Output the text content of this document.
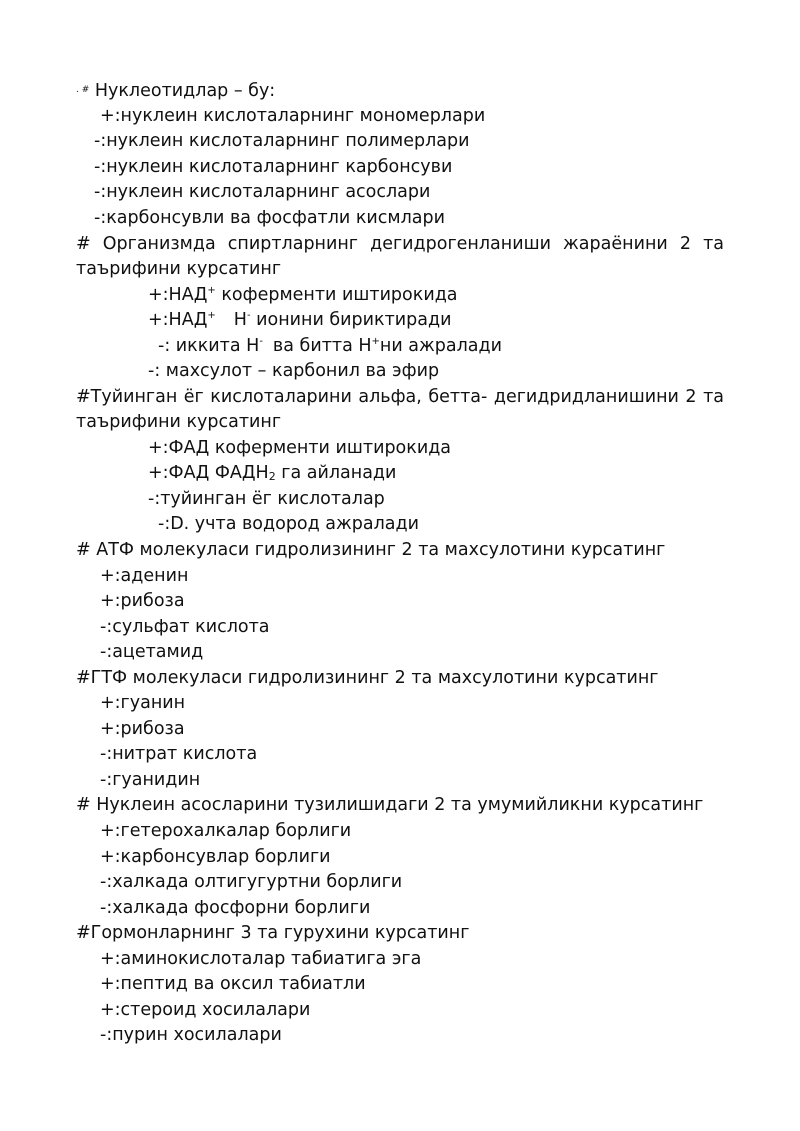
. # Нуклеотидлар – бу:
+:нуклеин кислоталарнинг мономерлари
-:нуклеин кислоталарнинг полимерлари
-:нуклеин кислоталарнинг карбонсуви
-:нуклеин кислоталарнинг асослари
-:карбонсувли ва фосфатли кисмлари
# Организмда спиртларнинг дегидрогенланиши жараёнини 2 та
таърифини курсатинг
+:НАД+ коферменти иштирокида
+:НАД+ H- ионини бириктиради
-: иккита H- ва битта H+ни ажралади
-: махсулот – карбонил ва эфир
#Туйинган ёг кислоталарини альфа, бетта- дегидридланишини 2 та
таърифини курсатинг
+:ФАД коферменти иштирокида
+:ФАД $ФАДН_2$ га айланади
-:туйинган ёг кислоталар
-:D. учта водород ажралади
# АТФ молекуласи гидролизининг 2 та махсулотини курсатинг
+:аденин
+:рибоза
-:сульфат кислота
-:ацетамид
#ГТФ молекуласи гидролизининг 2 та махсулотини курсатинг
+:гуанин
+:рибоза
-:нитрат кислота
-:гуанидин
# Нуклеин асосларини тузилишидаги 2 та умумийликни курсатинг
+:гетерохалкалар борлиги
+:карбонсувлар борлиги
-:халкада олтигугуртни борлиги
-:халкада фосфорни борлиги
#Гормонларнинг 3 та гурухини курсатинг
+:аминокислоталар табиатига эга
+:пептид ва оксил табиатли
+:стероид хосилалари
-:пурин хосилалари
